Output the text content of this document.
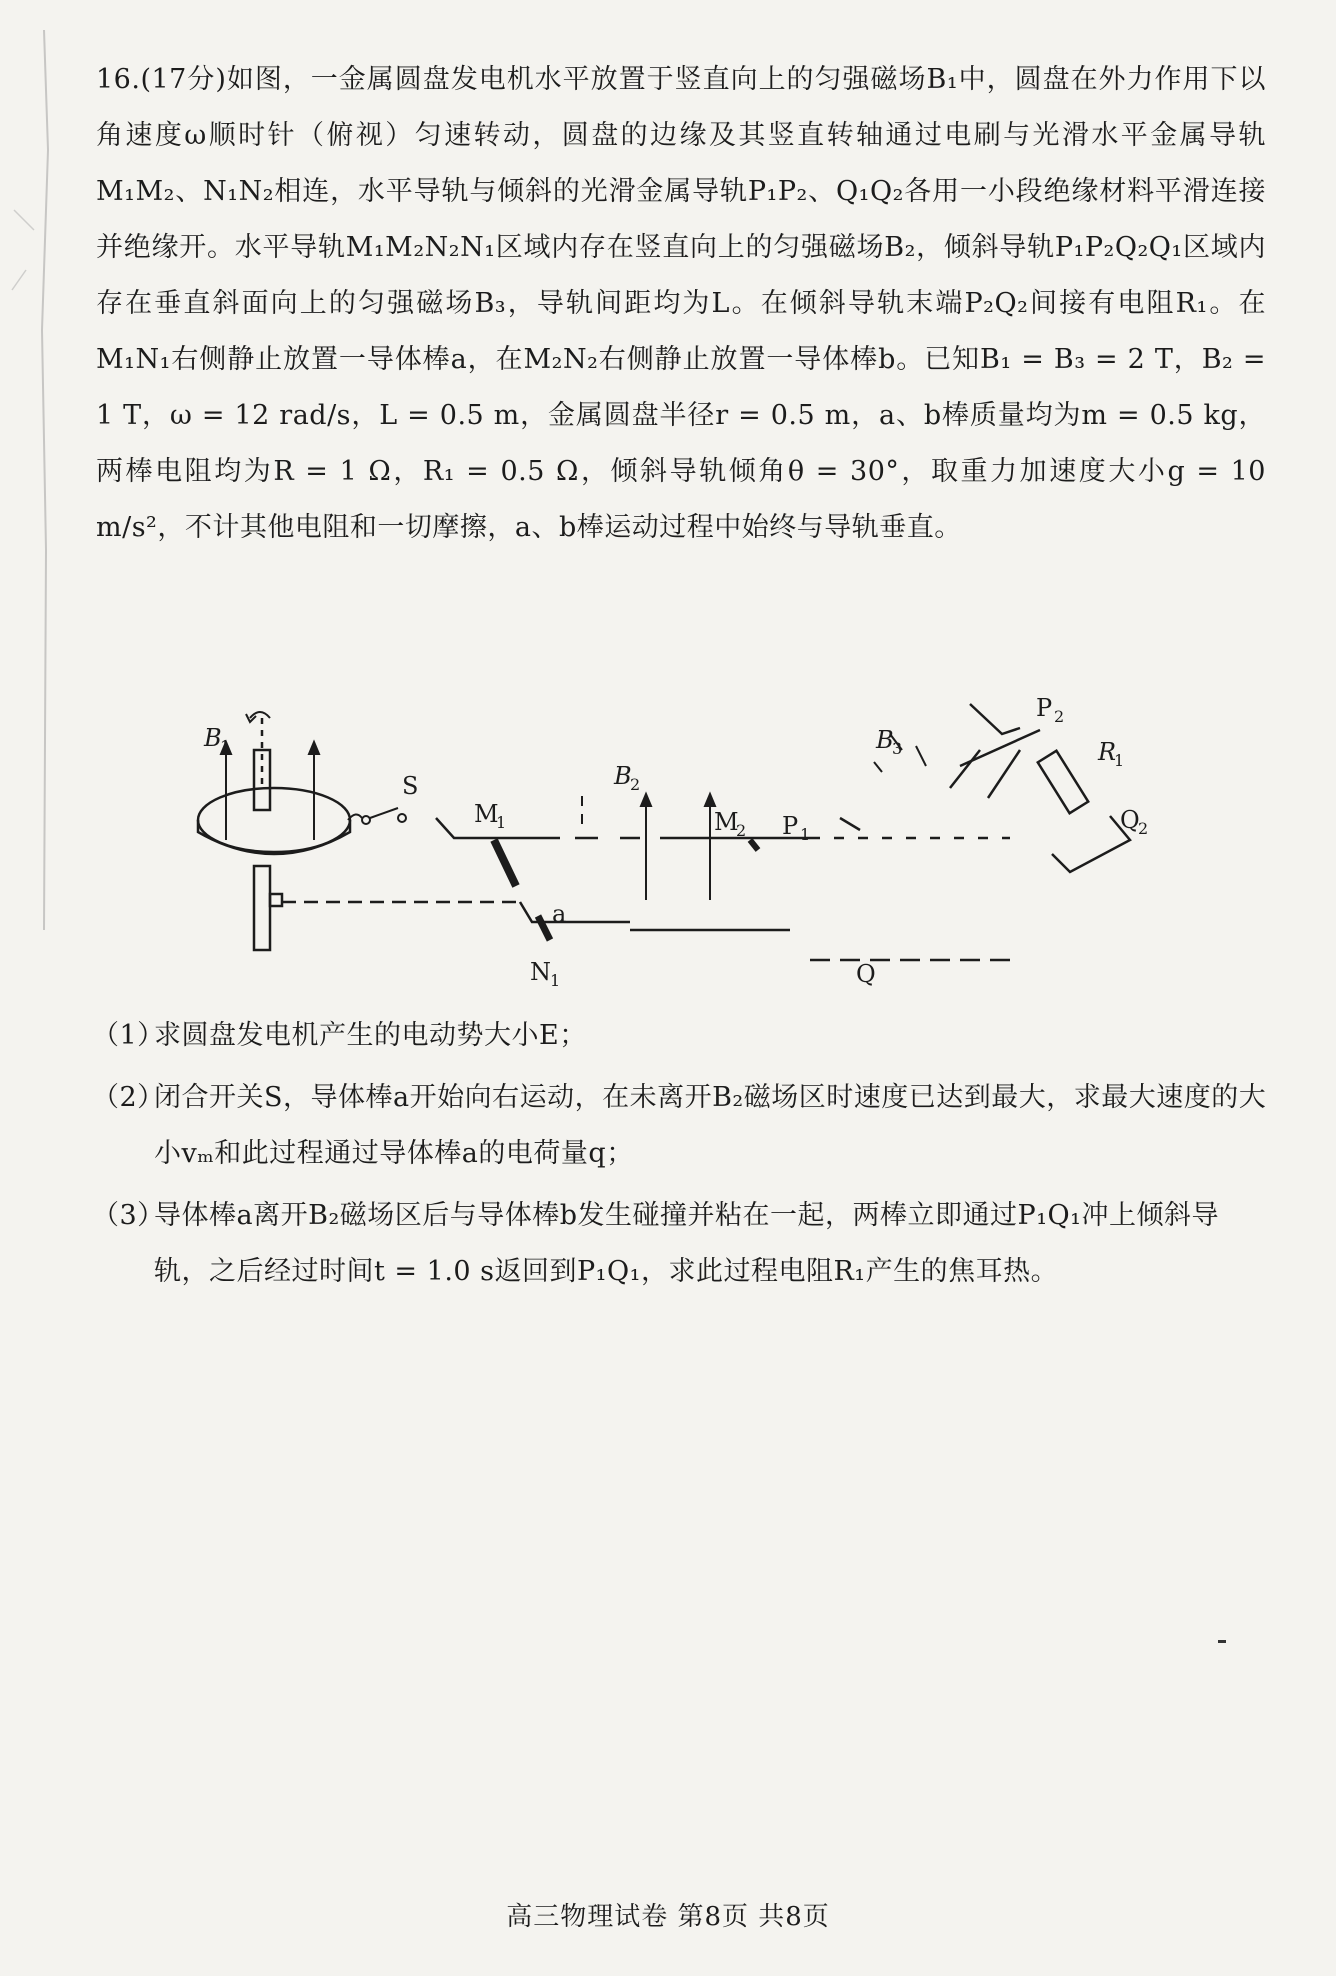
16.(17分)如图，一金属圆盘发电机水平放置于竖直向上的匀强磁场B₁中，圆盘在外力作用下以角速度ω顺时针（俯视）匀速转动，圆盘的边缘及其竖直转轴通过电刷与光滑水平金属导轨M₁M₂、N₁N₂相连，水平导轨与倾斜的光滑金属导轨P₁P₂、Q₁Q₂各用一小段绝缘材料平滑连接并绝缘开。水平导轨M₁M₂N₂N₁区域内存在竖直向上的匀强磁场B₂，倾斜导轨P₁P₂Q₂Q₁区域内存在垂直斜面向上的匀强磁场B₃，导轨间距均为L。在倾斜导轨末端P₂Q₂间接有电阻R₁。在M₁N₁右侧静止放置一导体棒a，在M₂N₂右侧静止放置一导体棒b。已知B₁ = B₃ = 2 T，B₂ = 1 T，ω = 12 rad/s，L = 0.5 m，金属圆盘半径r = 0.5 m，a、b棒质量均为m = 0.5 kg，两棒电阻均为R = 1 Ω，R₁ = 0.5 Ω，倾斜导轨倾角θ = 30°，取重力加速度大小g = 10 m/s²，不计其他电阻和一切摩擦，a、b棒运动过程中始终与导轨垂直。

B
1
S
a
M
1
N 1
B
2
M
2 P 1
Q
B
3
P 2
R
1
Q
2

（1）求圆盘发电机产生的电动势大小E；

（2）闭合开关S，导体棒a开始向右运动，在未离开B₂磁场区时速度已达到最大，求最大速度的大小vₘ和此过程通过导体棒a的电荷量q；

（3）导体棒a离开B₂磁场区后与导体棒b发生碰撞并粘在一起，两棒立即通过P₁Q₁冲上倾斜导轨，之后经过时间t = 1.0 s返回到P₁Q₁，求此过程电阻R₁产生的焦耳热。

高三物理试卷 第8页 共8页
